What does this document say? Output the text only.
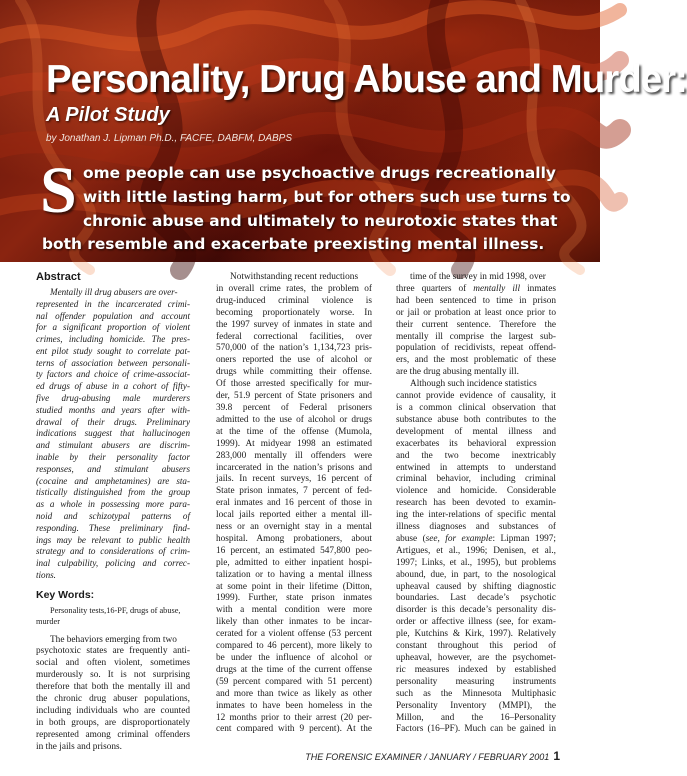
Personality, Drug Abuse and Murder:
A Pilot Study
by Jonathan J. Lipman Ph.D., FACFE, DABFM, DABPS
S ome people can use psychoactive drugs recreationally
with little lasting harm, but for others such use turns to
chronic abuse and ultimately to neurotoxic states that
both resemble and exacerbate preexisting mental illness.
Abstract

Mentally ill drug abusers are over-

represented in the incarcerated crimi-

nal offender population and account

for a significant proportion of violent

crimes, including homicide. The pres-

ent pilot study sought to correlate pat-

terns of association between personali-

ty factors and choice of crime-associat-

ed drugs of abuse in a cohort of fifty-

five drug-abusing male murderers

studied months and years after with-

drawal of their drugs. Preliminary

indications suggest that hallucinogen

and stimulant abusers are discrim-

inable by their personality factor

responses, and stimulant abusers

(cocaine and amphetamines) are sta-

tistically distinguished from the group

as a whole in possessing more para-

noid and schizotypal patterns of

responding. These preliminary find-

ings may be relevant to public health

strategy and to considerations of crim-

inal culpability, policing and correc-

tions.

Key Words:

Personality tests,16-PF, drugs of abuse,

murder

The behaviors emerging from two

psychotoxic states are frequently anti-

social and often violent, sometimes

murderously so. It is not surprising

therefore that both the mentally ill and

the chronic drug abuser populations,

including individuals who are counted

in both groups, are disproportionately

represented among criminal offenders

in the jails and prisons.

Notwithstanding recent reductions

in overall crime rates, the problem of

drug-induced criminal violence is

becoming proportionately worse. In

the 1997 survey of inmates in state and

federal correctional facilities, over

570,000 of the nation’s 1,134,723 pris-

oners reported the use of alcohol or

drugs while committing their offense.

Of those arrested specifically for mur-

der, 51.9 percent of State prisoners and

39.8 percent of Federal prisoners

admitted to the use of alcohol or drugs

at the time of the offense (Mumola,

1999). At midyear 1998 an estimated

283,000 mentally ill offenders were

incarcerated in the nation’s prisons and

jails. In recent surveys, 16 percent of

State prison inmates, 7 percent of fed-

eral inmates and 16 percent of those in

local jails reported either a mental ill-

ness or an overnight stay in a mental

hospital. Among probationers, about

16 percent, an estimated 547,800 peo-

ple, admitted to either inpatient hospi-

talization or to having a mental illness

at some point in their lifetime (Ditton,

1999). Further, state prison inmates

with a mental condition were more

likely than other inmates to be incar-

cerated for a violent offense (53 percent

compared to 46 percent), more likely to

be under the influence of alcohol or

drugs at the time of the current offense

(59 percent compared with 51 percent)

and more than twice as likely as other

inmates to have been homeless in the

12 months prior to their arrest (20 per-

cent compared with 9 percent). At the

time of the survey in mid 1998, over

three quarters of mentally ill inmates

had been sentenced to time in prison

or jail or probation at least once prior to

their current sentence. Therefore the

mentally ill comprise the largest sub-

population of recidivists, repeat offend-

ers, and the most problematic of these

are the drug abusing mentally ill.

Although such incidence statistics

cannot provide evidence of causality, it

is a common clinical observation that

substance abuse both contributes to the

development of mental illness and

exacerbates its behavioral expression

and the two become inextricably

entwined in attempts to understand

criminal behavior, including criminal

violence and homicide. Considerable

research has been devoted to examin-

ing the inter-relations of specific mental

illness diagnoses and substances of

abuse (see, for example: Lipman 1997;

Artigues, et al., 1996; Denisen, et al.,

1997; Links, et al., 1995), but problems

abound, due, in part, to the nosological

upheaval caused by shifting diagnostic

boundaries. Last decade’s psychotic

disorder is this decade’s personality dis-

order or affective illness (see, for exam-

ple, Kutchins & Kirk, 1997). Relatively

constant throughout this period of

upheaval, however, are the psychomet-

ric measures indexed by established

personality measuring instruments

such as the Minnesota Multiphasic

Personality Inventory (MMPI), the

Millon, and the 16–Personality

Factors (16–PF). Much can be gained in

THE FORENSIC EXAMINER / JANUARY / FEBRUARY 2001 1
